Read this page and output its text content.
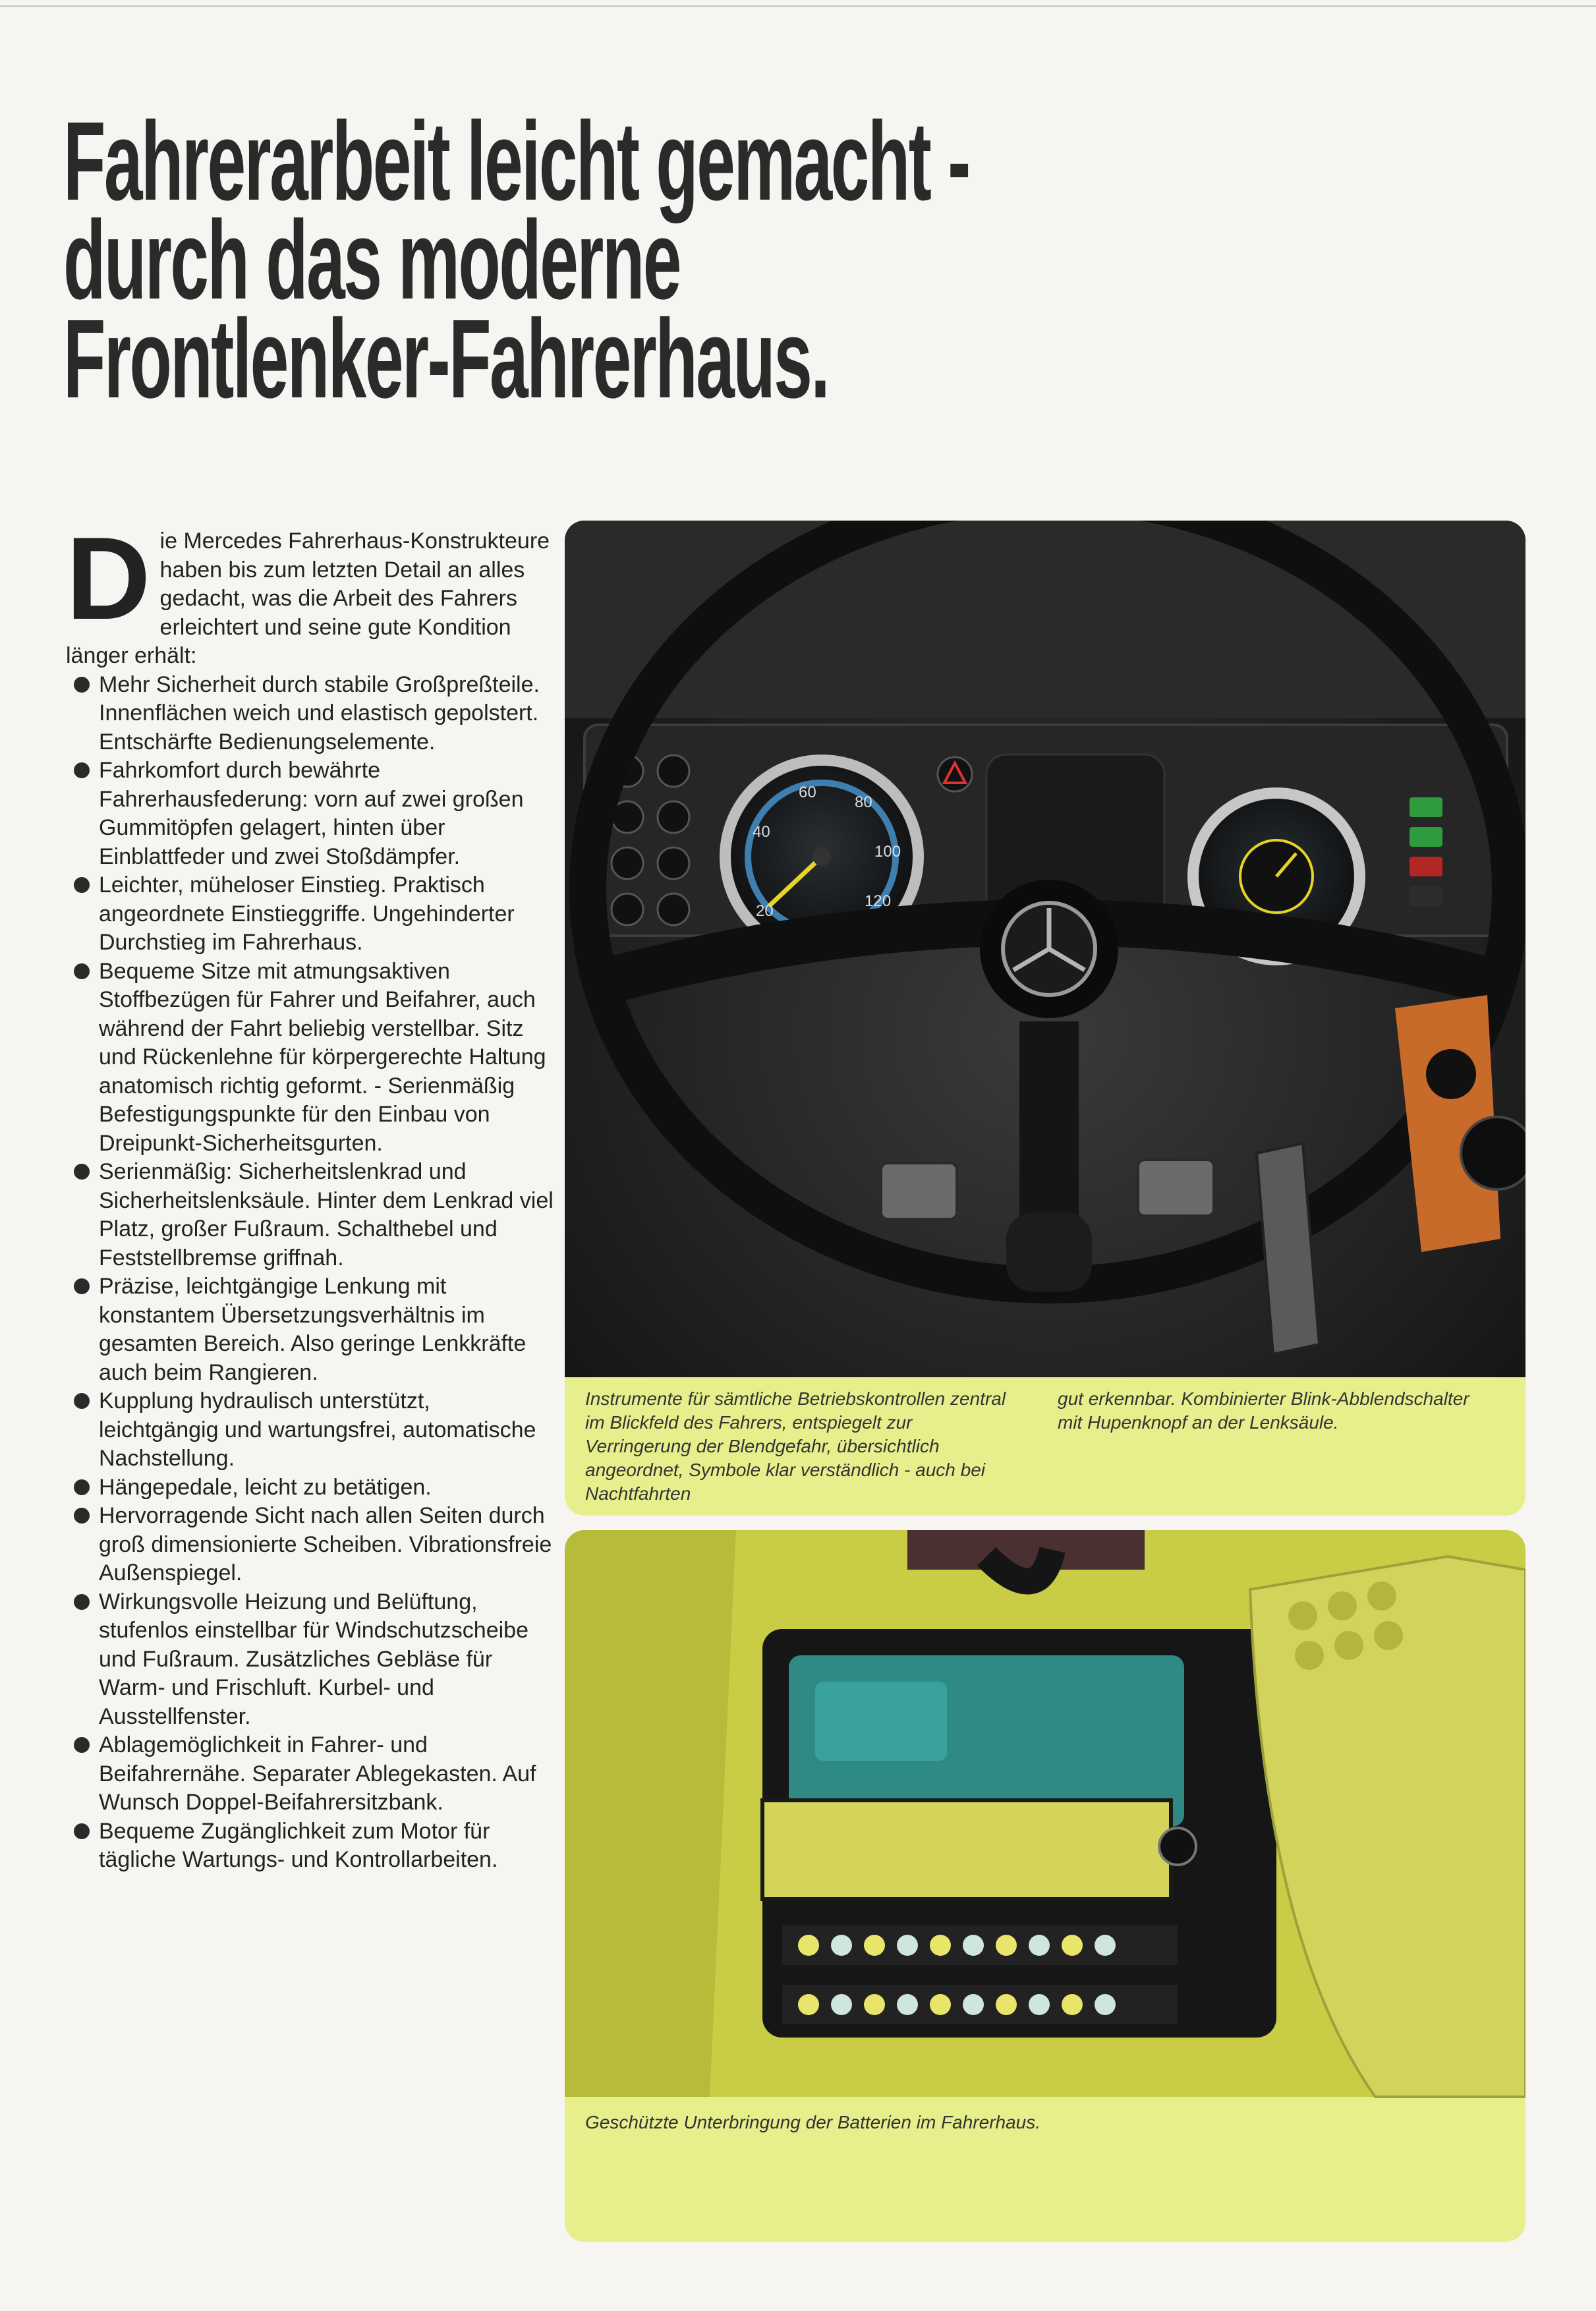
Fahrerarbeit leicht gemacht -
durch das moderne
Frontlenker-Fahrerhaus.

Die Mercedes Fahrerhaus-Konstrukteure haben bis zum letzten Detail an alles gedacht, was die Arbeit des Fahrers erleichtert und seine gute Kondition länger erhält:

Mehr Sicherheit durch stabile Großpreßteile. Innenflächen weich und elastisch gepolstert. Entschärfte Bedienungselemente.
Fahrkomfort durch bewährte Fahrerhausfederung: vorn auf zwei großen Gummitöpfen gelagert, hinten über Einblattfeder und zwei Stoßdämpfer.
Leichter, müheloser Einstieg. Praktisch angeordnete Einstieggriffe. Ungehinderter Durchstieg im Fahrerhaus.
Bequeme Sitze mit atmungsaktiven Stoffbezügen für Fahrer und Beifahrer, auch während der Fahrt beliebig verstellbar. Sitz und Rückenlehne für körpergerechte Haltung anatomisch richtig geformt. - Serienmäßig Befestigungspunkte für den Einbau von Dreipunkt-Sicherheitsgurten.
Serienmäßig: Sicherheitslenkrad und Sicherheitslenksäule. Hinter dem Lenkrad viel Platz, großer Fußraum. Schalthebel und Feststellbremse griffnah.
Präzise, leichtgängige Lenkung mit konstantem Übersetzungsverhältnis im gesamten Bereich. Also geringe Lenkkräfte auch beim Rangieren.
Kupplung hydraulisch unterstützt, leichtgängig und wartungsfrei, automatische Nachstellung.
Hängepedale, leicht zu betätigen.
Hervorragende Sicht nach allen Seiten durch groß dimensionierte Scheiben. Vibrationsfreie Außenspiegel.
Wirkungsvolle Heizung und Belüftung, stufenlos einstellbar für Windschutzscheibe und Fußraum. Zusätzliches Gebläse für Warm- und Frischluft. Kurbel- und Ausstellfenster.
Ablagemöglichkeit in Fahrer- und Beifahrernähe. Separater Ablegekasten. Auf Wunsch Doppel-Beifahrersitzbank.
Bequeme Zugänglichkeit zum Motor für tägliche Wartungs- und Kontrollarbeiten.
20
40
60
80
100
120
90925
Instrumente für sämtliche Betriebskontrollen zentral im Blickfeld des Fahrers, entspiegelt zur Verringerung der Blendgefahr, übersichtlich angeordnet, Symbole klar verständlich - auch bei Nachtfahrten
gut erkennbar. Kombinierter Blink-Abblendschalter mit Hupenknopf an der Lenksäule.
Geschützte Unterbringung der Batterien im Fahrerhaus.
